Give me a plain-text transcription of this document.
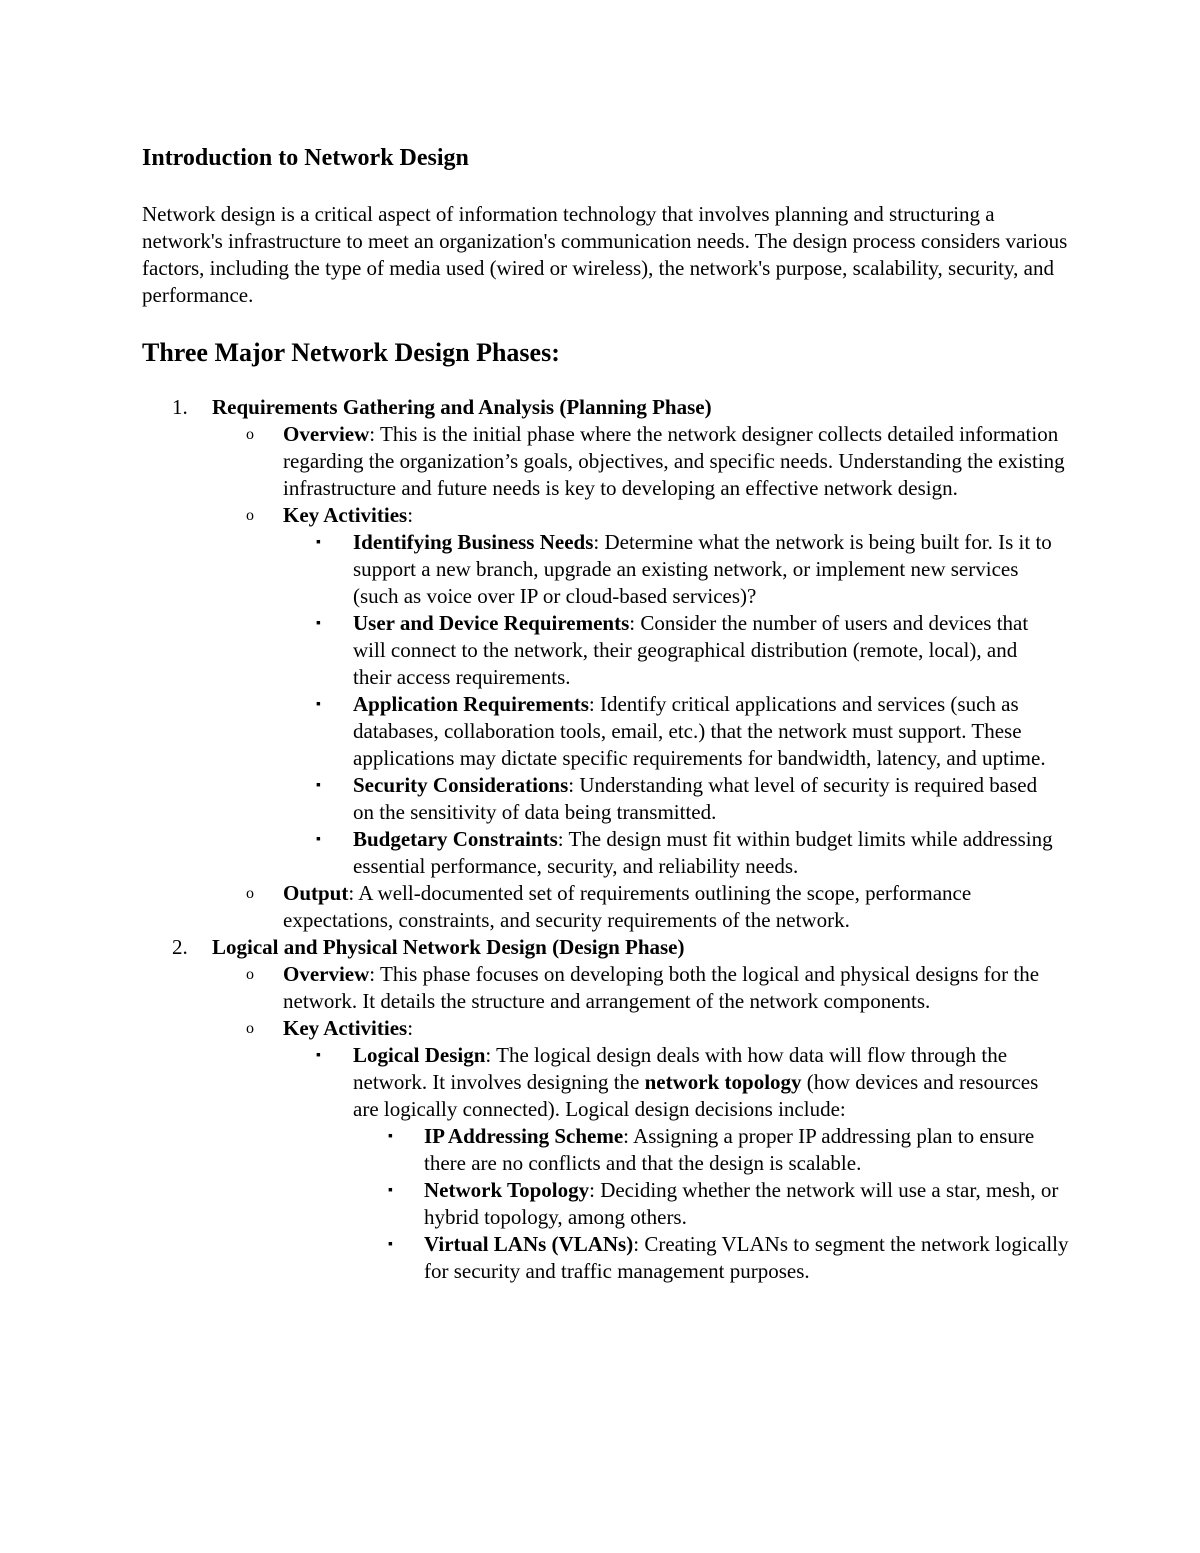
Introduction to Network Design
Network design is a critical aspect of information technology that involves planning and structuring a network's infrastructure to meet an organization's communication needs. The design process considers various factors, including the type of media used (wired or wireless), the network's purpose, scalability, security, and performance.
Three Major Network Design Phases:
1.	Requirements Gathering and Analysis (Planning Phase)
o Overview: This is the initial phase where the network designer collects detailed information regarding the organization’s goals, objectives, and specific needs. Understanding the existing infrastructure and future needs is key to developing an effective network design.
o Key Activities:
▪ Identifying Business Needs: Determine what the network is being built for. Is it to support a new branch, upgrade an existing network, or implement new services (such as voice over IP or cloud-based services)?
▪ User and Device Requirements: Consider the number of users and devices that will connect to the network, their geographical distribution (remote, local), and their access requirements.
▪ Application Requirements: Identify critical applications and services (such as databases, collaboration tools, email, etc.) that the network must support. These applications may dictate specific requirements for bandwidth, latency, and uptime.
▪ Security Considerations: Understanding what level of security is required based on the sensitivity of data being transmitted.
▪ Budgetary Constraints: The design must fit within budget limits while addressing essential performance, security, and reliability needs.
o Output: A well-documented set of requirements outlining the scope, performance expectations, constraints, and security requirements of the network.
2.	Logical and Physical Network Design (Design Phase)
o Overview: This phase focuses on developing both the logical and physical designs for the network. It details the structure and arrangement of the network components.
o Key Activities:
▪ Logical Design: The logical design deals with how data will flow through the network. It involves designing the network topology (how devices and resources are logically connected). Logical design decisions include:
▪ IP Addressing Scheme: Assigning a proper IP addressing plan to ensure there are no conflicts and that the design is scalable.
▪ Network Topology: Deciding whether the network will use a star, mesh, or hybrid topology, among others.
▪ Virtual LANs (VLANs): Creating VLANs to segment the network logically for security and traffic management purposes.
